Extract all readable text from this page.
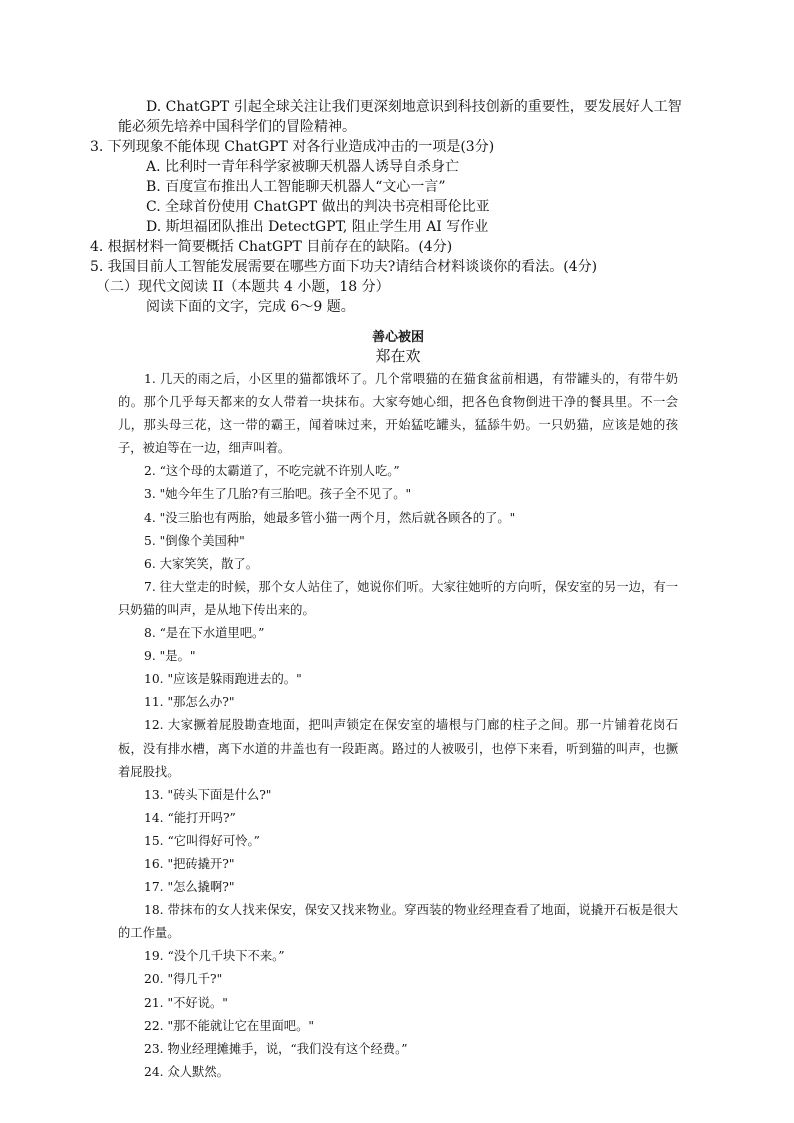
D. ChatGPT 引起全球关注让我们更深刻地意识到科技创新的重要性，要发展好人工智
能必须先培养中国科学们的冒险精神。
3. 下列现象不能体现 ChatGPT 对各行业造成冲击的一项是(3分)
A. 比利时一青年科学家被聊天机器人诱导自杀身亡
B. 百度宣布推出人工智能聊天机器人“文心一言”
C. 全球首份使用 ChatGPT 做出的判决书亮相哥伦比亚
D. 斯坦福团队推出 DetectGPT, 阻止学生用 AI 写作业
4. 根据材料一简要概括 ChatGPT 目前存在的缺陷。(4分)
5. 我国目前人工智能发展需要在哪些方面下功夫?请结合材料谈谈你的看法。(4分)
（二）现代文阅读 II（本题共 4 小题，18 分）
阅读下面的文字，完成 6～9 题。
善心被困
郑在欢

1. 几天的雨之后，小区里的猫都饿坏了。几个常喂猫的在猫食盆前相遇，有带罐头的，有带牛奶的。那个几乎每天都来的女人带着一块抹布。大家夸她心细，把各色食物倒进干净的餐具里。不一会儿，那头母三花，这一带的霸王，闻着味过来，开始猛吃罐头，猛舔牛奶。一只奶猫，应该是她的孩子，被迫等在一边，细声叫着。

2. “这个母的太霸道了，不吃完就不许别人吃。”

3. "她今年生了几胎?有三胎吧。孩子全不见了。"

4. "没三胎也有两胎，她最多管小猫一两个月，然后就各顾各的了。"

5. "倒像个美国种"

6. 大家笑笑，散了。

7. 往大堂走的时候，那个女人站住了，她说你们听。大家往她听的方向听，保安室的另一边，有一只奶猫的叫声，是从地下传出来的。

8. “是在下水道里吧。”

9. "是。"

10. "应该是躲雨跑进去的。"

11. "那怎么办?"

12. 大家撅着屁股勘查地面，把叫声锁定在保安室的墙根与门廊的柱子之间。那一片铺着花岗石板，没有排水槽，离下水道的井盖也有一段距离。路过的人被吸引，也停下来看，听到猫的叫声，也撅着屁股找。

13. "砖头下面是什么?"

14. “能打开吗?”

15. “它叫得好可怜。”

16. "把砖撬开?"

17. "怎么撬啊?"

18. 带抹布的女人找来保安，保安又找来物业。穿西装的物业经理查看了地面，说撬开石板是很大的工作量。

19. “没个几千块下不来。”

20. "得几千?"

21. "不好说。"

22. "那不能就让它在里面吧。"

23. 物业经理摊摊手，说，“我们没有这个经费。”

24. 众人默然。
